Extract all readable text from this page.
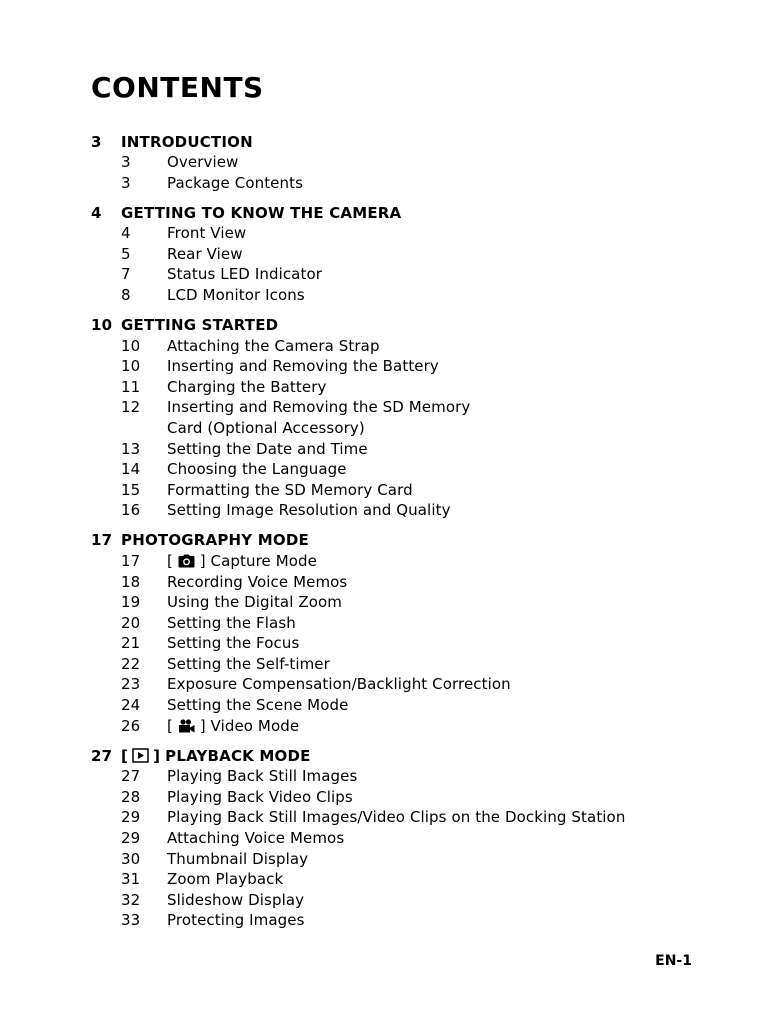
CONTENTS
3	INTRODUCTION
3	Overview
3	Package Contents
4	GETTING TO KNOW THE CAMERA
4	Front View
5	Rear View
7	Status LED Indicator
8	LCD Monitor Icons
10 GETTING STARTED
10	Attaching the Camera Strap
10	Inserting and Removing the Battery
11	Charging the Battery
12	Inserting and Removing the SD Memory
Card (Optional Accessory)
13	Setting the Date and Time
14	Choosing the Language
15	Formatting the SD Memory Card
16	Setting Image Resolution and Quality
17 PHOTOGRAPHY MODE
17	[ ] Capture Mode
18	Recording Voice Memos
19	Using the Digital Zoom
20	Setting the Flash
21	Setting the Focus
22	Setting the Self-timer
23	Exposure Compensation/Backlight Correction
24	Setting the Scene Mode
26	[ ] Video Mode
27 [ ] PLAYBACK MODE
27	Playing Back Still Images
28	Playing Back Video Clips
29	Playing Back Still Images/Video Clips on the Docking Station
29	Attaching Voice Memos
30	Thumbnail Display
31	Zoom Playback
32	Slideshow Display
33	Protecting Images
EN-1
